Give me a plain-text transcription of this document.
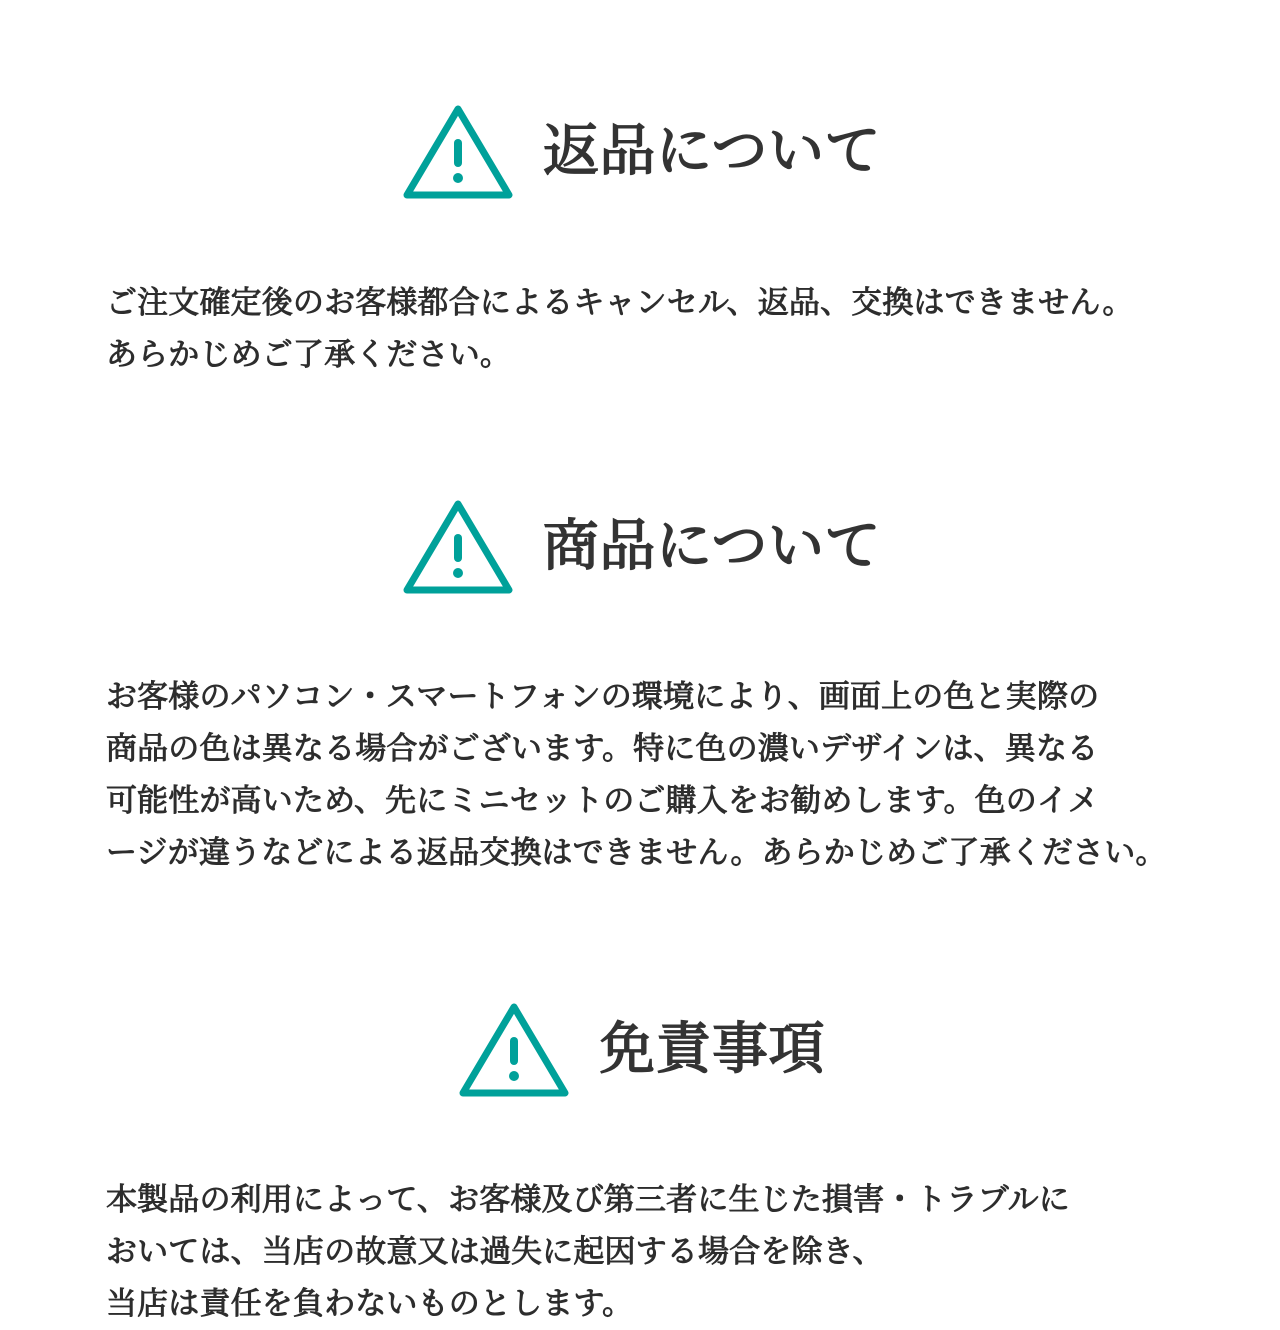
返品について

ご注文確定後のお客様都合によるキャンセル、返品、交換はできません。

あらかじめご了承ください。

商品について

お客様のパソコン・スマートフォンの環境により、画面上の色と実際の

商品の色は異なる場合がございます。特に色の濃いデザインは、異なる

可能性が高いため、先にミニセットのご購入をお勧めします。色のイメ

ージが違うなどによる返品交換はできません。あらかじめご了承ください。

免責事項

本製品の利用によって、お客様及び第三者に生じた損害・トラブルに

おいては、当店の故意又は過失に起因する場合を除き、

当店は責任を負わないものとします。
